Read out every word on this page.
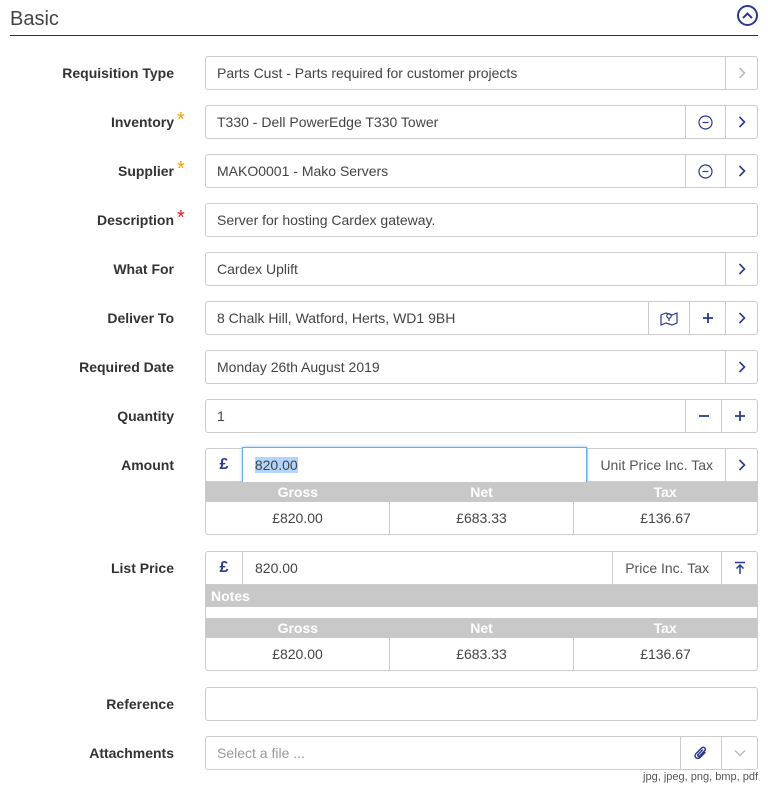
Basic
Requisition Type	Parts Cust - Parts required for customer projects
Inventory *	T330 - Dell PowerEdge T330 Tower
Supplier *	MAKO0001 - Mako Servers
Description *	Server for hosting Cardex gateway.
What For	Cardex Uplift
Deliver To	8 Chalk Hill, Watford, Herts, WD1 9BH
Required Date	Monday 26th August 2019
Quantity	1
Amount	£	820.00	Unit Price Inc. Tax
Gross	Net	Tax
£820.00	£683.33	£136.67
List Price	£	820.00	Price Inc. Tax
Notes
Gross	Net	Tax
£820.00	£683.33	£136.67
Reference
Attachments	Select a file ...
jpg, jpeg, png, bmp, pdf
